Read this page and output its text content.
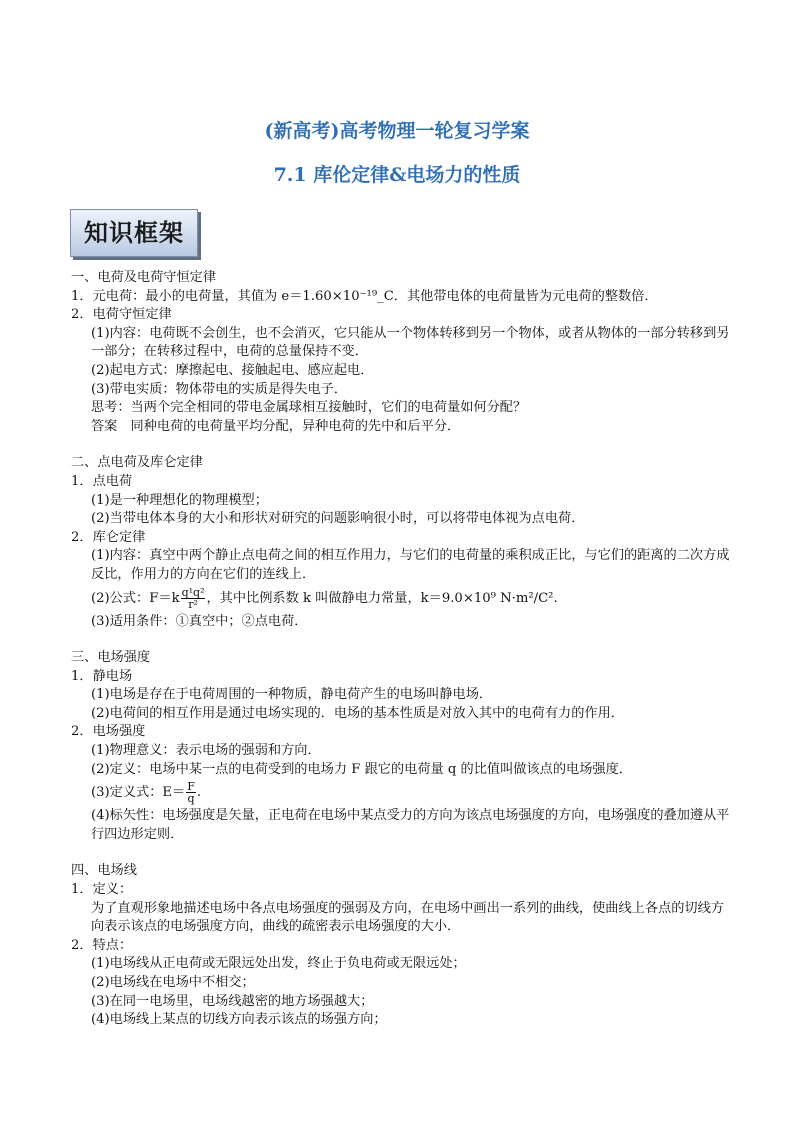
(新高考)高考物理一轮复习学案
7.1 库伦定律&电场力的性质
知识框架
一、电荷及电荷守恒定律
1．元电荷：最小的电荷量，其值为 e＝1.60×10⁻¹⁹_C．其他带电体的电荷量皆为元电荷的整数倍．
2．电荷守恒定律
(1)内容：电荷既不会创生，也不会消灭，它只能从一个物体转移到另一个物体，或者从物体的一部分转移到另一部分；在转移过程中，电荷的总量保持不变．
(2)起电方式：摩擦起电、接触起电、感应起电．
(3)带电实质：物体带电的实质是得失电子．
思考：当两个完全相同的带电金属球相互接触时，它们的电荷量如何分配？
答案　同种电荷的电荷量平均分配，异种电荷的先中和后平分．
二、点电荷及库仑定律
1．点电荷
(1)是一种理想化的物理模型；
(2)当带电体本身的大小和形状对研究的问题影响很小时，可以将带电体视为点电荷．
2．库仑定律
(1)内容：真空中两个静止点电荷之间的相互作用力，与它们的电荷量的乘积成正比，与它们的距离的二次方成反比，作用力的方向在它们的连线上．
(2)公式：$F=k \frac{\text{q¹q²}}{\text{r²}}$ ，其中比例系数 k 叫做静电力常量，k＝9.0×10⁹ N·m²/C².
(3)适用条件：①真空中；②点电荷．
三、电场强度
1．静电场
(1)电场是存在于电荷周围的一种物质，静电荷产生的电场叫静电场．
(2)电荷间的相互作用是通过电场实现的．电场的基本性质是对放入其中的电荷有力的作用．
2．电场强度
(1)物理意义：表示电场的强弱和方向．
(2)定义：电场中某一点的电荷受到的电场力 F 跟它的电荷量 q 的比值叫做该点的电场强度．
(3)定义式：$E= \frac{F}{q}$ .
(4)标矢性：电场强度是矢量，正电荷在电场中某点受力的方向为该点电场强度的方向，电场强度的叠加遵从平行四边形定则．
四、电场线
1．定义：
为了直观形象地描述电场中各点电场强度的强弱及方向，在电场中画出一系列的曲线，使曲线上各点的切线方向表示该点的电场强度方向，曲线的疏密表示电场强度的大小．
2．特点：
(1)电场线从正电荷或无限远处出发，终止于负电荷或无限远处；
(2)电场线在电场中不相交；
(3)在同一电场里，电场线越密的地方场强越大；
(4)电场线上某点的切线方向表示该点的场强方向；
